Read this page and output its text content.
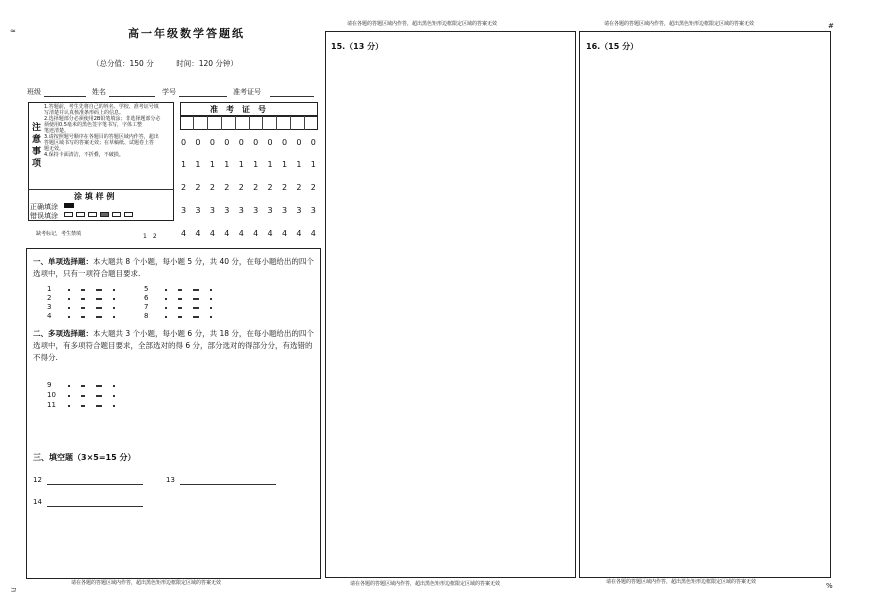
≈
#
コ	%
请在各题的答题区域内作答，超出黑色矩形边框限定区域的答案无效	请在各题的答题区域内作答，超出黑色矩形边框限定区域的答案无效
高一年级数学答题纸
（总分值：150 分　　　时间：120 分钟）
班级	姓名	学号	准考证号
注意事项
1.答题前，考生先将自己的姓名、学校、准考证号填
写清楚并认真核准条形码上的信息。
2.选择题部分必须使用2B铅笔填涂；非选择题部分必
须使用0.5毫米的黑色签字笔书写，字体工整
笔迹清楚。
3.请按照题号顺序在各题目的答题区域内作答，超出
答题区域书写的答案无效；在草稿纸、试题卷上答
题无效。
4.保持卡面清洁，不折叠，不破损。
涂 填 样 例
正确填涂
错误填涂
准　考　证　号
0 0 0 0 0 0 0 0 0 0
1 1 1 1 1 1 1 1 1 1
2 2 2 2 2 2 2 2 2 2
3 3 3 3 3 3 3 3 3 3
4 4 4 4 4 4 4 4 4 4
缺考标记，考生禁填	1　2
一、单项选择题：本大题共 8 个小题，每小题 5 分，共 40 分，在每小题给出的四个选项中，只有一项符合题目要求.
1
2
3
4
5
6
7
8
二、多项选择题：本大题共 3 个小题，每小题 6 分，共 18 分，在每小题给出的四个选项中，有多项符合题目要求，全部选对的得 6 分，部分选对的得部分分，有选错的不得分.
9
10
11
三、填空题（3×5=15 分）
12	13
14
15.（13 分）	16.（15 分）
请在各题的答题区域内作答，超出黑色矩形边框限定区域的答案无效	请在各题的答题区域内作答，超出黑色矩形边框限定区域的答案无效	请在各题的答题区域内作答，超出黑色矩形边框限定区域的答案无效
